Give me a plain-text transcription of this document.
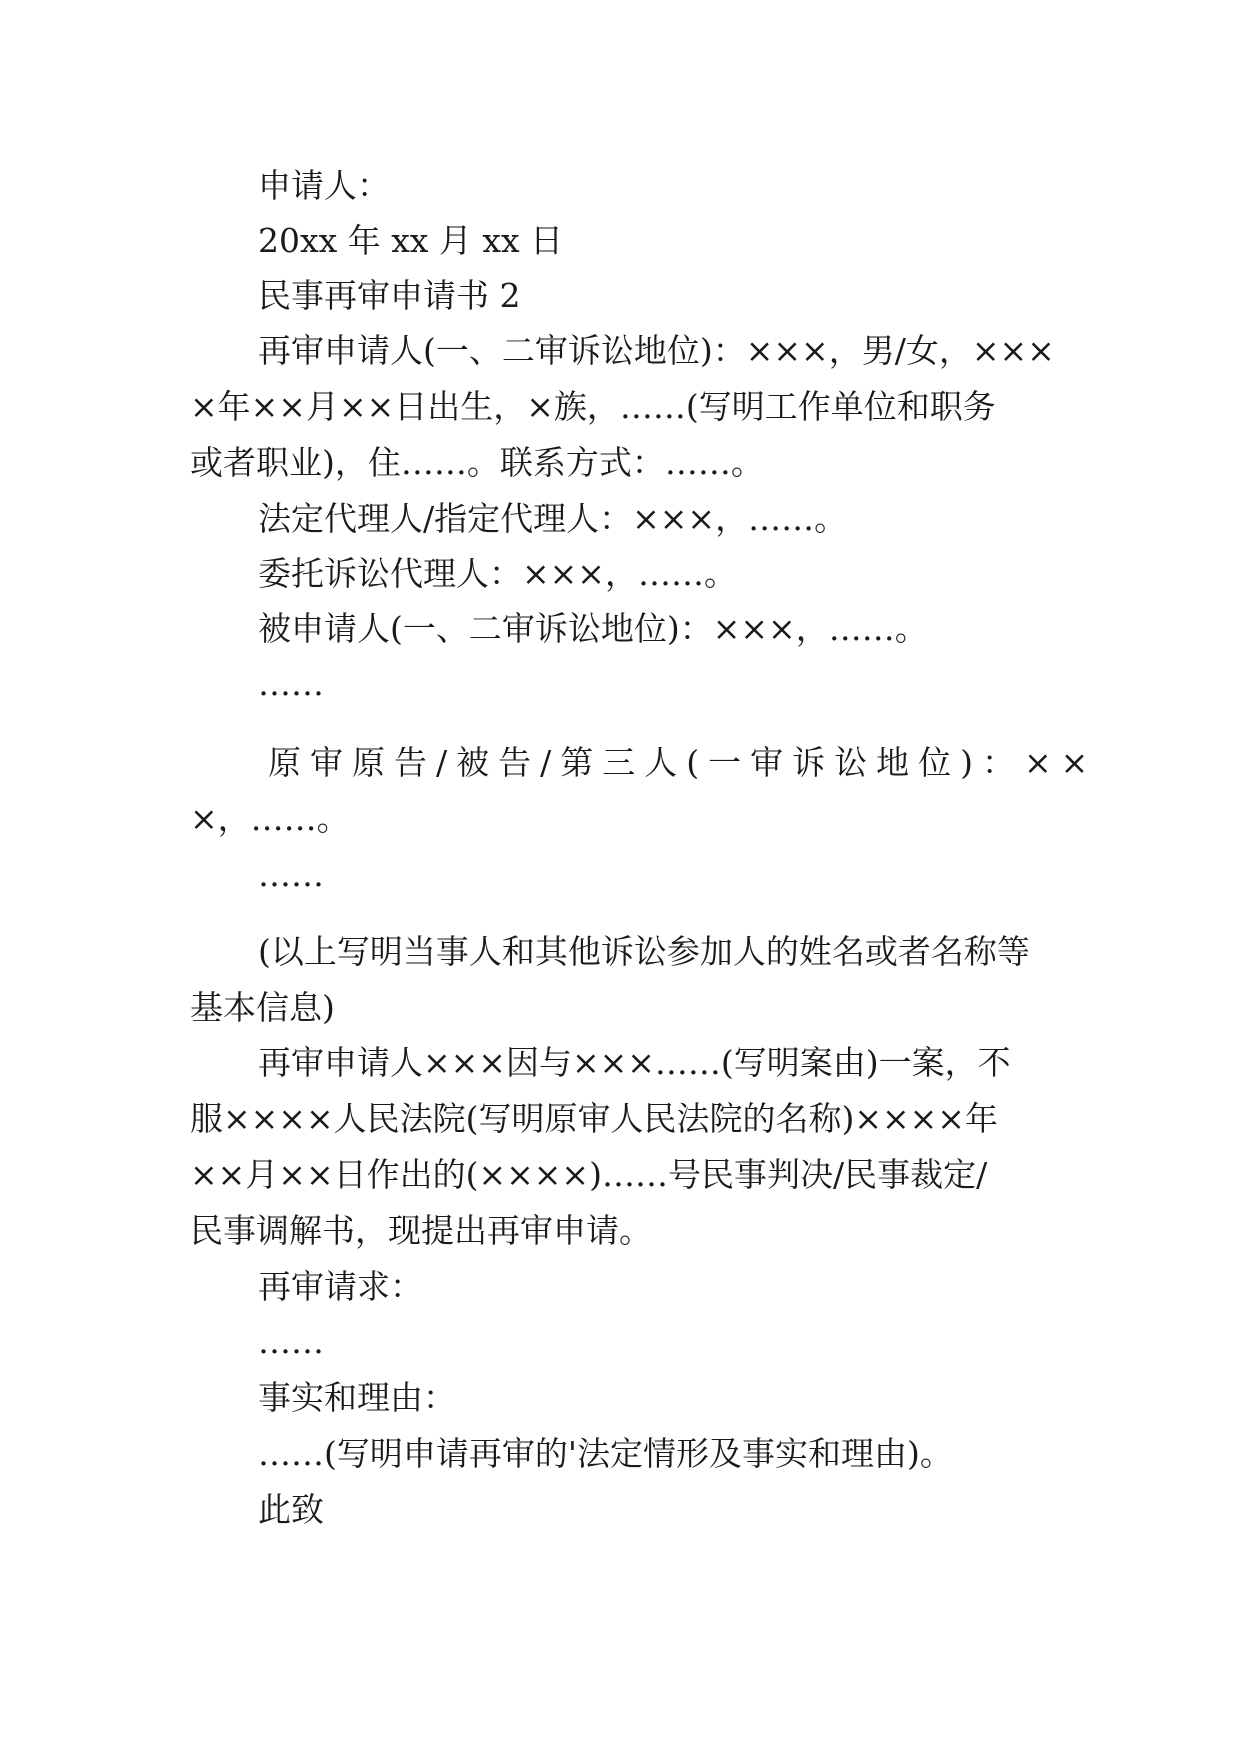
申请人：
20xx 年 xx 月 xx 日
民事再审申请书 2
再审申请人(一、二审诉讼地位)：×××，男/女，×××
×年××月××日出生，×族，……(写明工作单位和职务
或者职业)，住……。联系方式：……。
法定代理人/指定代理人：×××，……。
委托诉讼代理人：×××，……。
被申请人(一、二审诉讼地位)：×××，……。
……
原审原告/被告/第三人(一审诉讼地位)：××
×，……。
……
(以上写明当事人和其他诉讼参加人的姓名或者名称等
基本信息)
再审申请人×××因与×××……(写明案由)一案，不
服××××人民法院(写明原审人民法院的名称)××××年
××月××日作出的(××××)……号民事判决/民事裁定/
民事调解书，现提出再审申请。
再审请求：
……
事实和理由：
……(写明申请再审的'法定情形及事实和理由)。
此致
